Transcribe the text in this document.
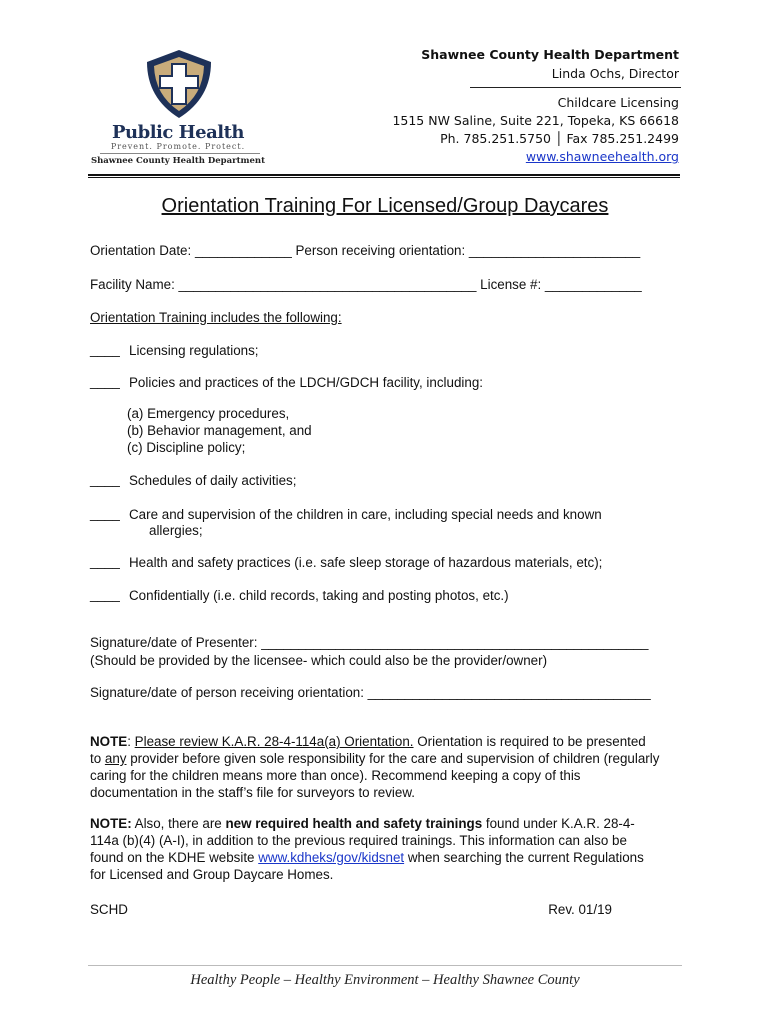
Public Health
Prevent. Promote. Protect.
Shawnee County Health Department
Shawnee County Health Department
Linda Ochs, Director
Childcare Licensing
1515 NW Saline, Suite 221, Topeka, KS 66618
Ph. 785.251.5750 │ Fax 785.251.2499
www.shawneehealth.org
Orientation Training For Licensed/Group Daycares
Orientation Date: _____________ Person receiving orientation: _______________________
Facility Name: ________________________________________ License #: _____________
Orientation Training includes the following:
____ Licensing regulations;
____ Policies and practices of the LDCH/GDCH facility, including:
(a) Emergency procedures,
(b) Behavior management, and
(c) Discipline policy;
____ Schedules of daily activities;
____ Care and supervision of the children in care, including special needs and known
allergies;
____ Health and safety practices (i.e. safe sleep storage of hazardous materials, etc);
____ Confidentially (i.e. child records, taking and posting photos, etc.)
Signature/date of Presenter: ____________________________________________________
(Should be provided by the licensee- which could also be the provider/owner)
Signature/date of person receiving orientation: ______________________________________
NOTE: Please review K.A.R. 28-4-114a(a) Orientation. Orientation is required to be presented
to any provider before given sole responsibility for the care and supervision of children (regularly
caring for the children means more than once). Recommend keeping a copy of this
documentation in the staff’s file for surveyors to review.
NOTE: Also, there are new required health and safety trainings found under K.A.R. 28-4-
114a (b)(4) (A-I), in addition to the previous required trainings. This information can also be
found on the KDHE website www.kdheks/gov/kidsnet when searching the current Regulations
for Licensed and Group Daycare Homes.
SCHD	Rev. 01/19
Healthy People – Healthy Environment – Healthy Shawnee County
